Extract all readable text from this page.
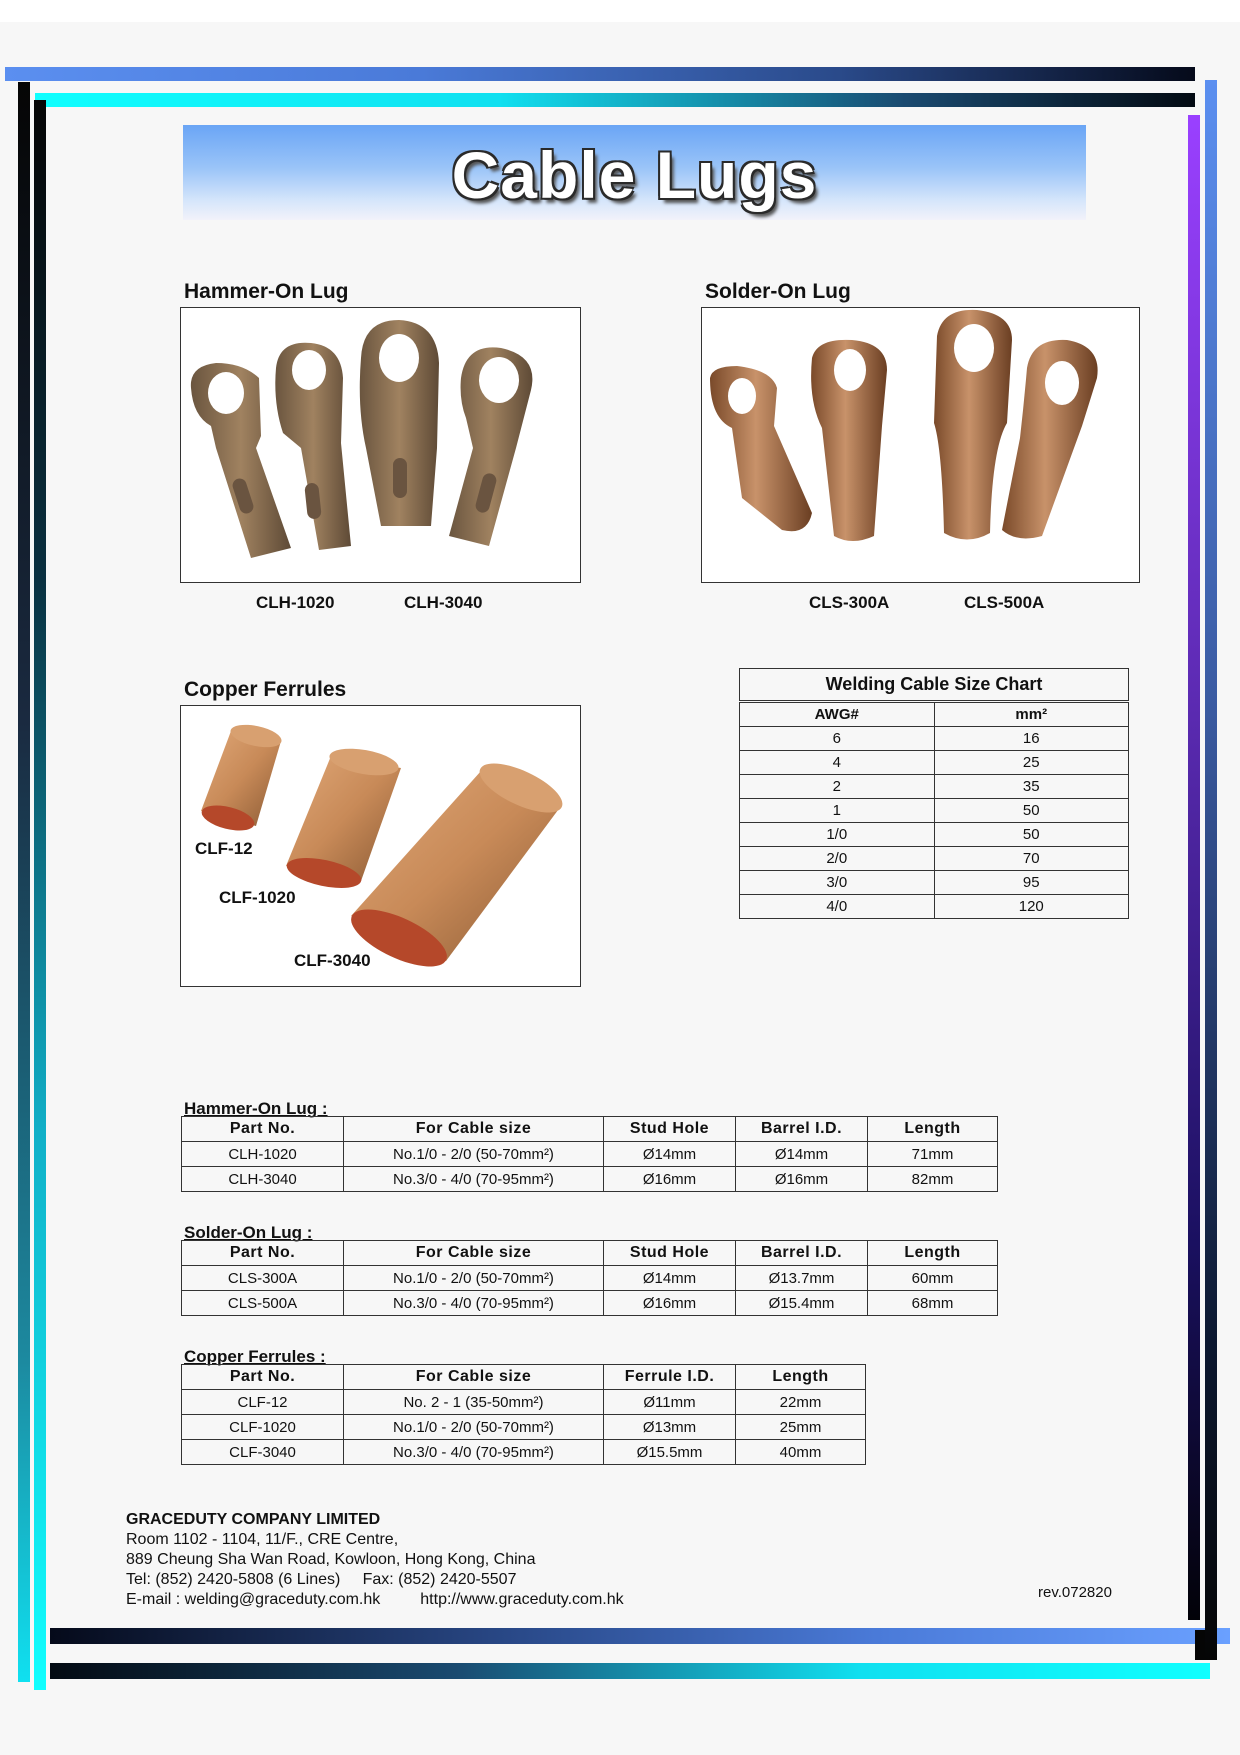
Cable Lugs
Hammer-On Lug
CLH-1020	CLH-3040
Solder-On Lug
CLS-300A	CLS-500A
Copper Ferrules
CLF-12
CLF-1020
CLF-3040
Welding Cable Size Chart	
AWG#	mm²
6	16
4	25
2	35
1	50
1/0	50
2/0	70
3/0	95
4/0	120
Hammer-On Lug :
Part No.	For Cable size	Stud Hole	Barrel I.D.	Length
CLH-1020	No.1/0 - 2/0 (50-70mm²)	Ø14mm	Ø14mm	71mm
CLH-3040	No.3/0 - 4/0 (70-95mm²)	Ø16mm	Ø16mm	82mm
Solder-On Lug :
Part No.	For Cable size	Stud Hole	Barrel I.D.	Length
CLS-300A	No.1/0 - 2/0 (50-70mm²)	Ø14mm	Ø13.7mm	60mm
CLS-500A	No.3/0 - 4/0 (70-95mm²)	Ø16mm	Ø15.4mm	68mm
Copper Ferrules :
Part No.	For Cable size	Ferrule I.D.	Length
CLF-12	No. 2 - 1 (35-50mm²)	Ø11mm	22mm
CLF-1020	No.1/0 - 2/0 (50-70mm²)	Ø13mm	25mm
CLF-3040	No.3/0 - 4/0 (70-95mm²)	Ø15.5mm	40mm
GRACEDUTY COMPANY LIMITED
Room 1102 - 1104, 11/F., CRE Centre,
889 Cheung Sha Wan Road, Kowloon, Hong Kong, China
Tel: (852) 2420-5808 (6 Lines) Fax: (852) 2420-5507
E-mail : welding@graceduty.com.hk	http://www.graceduty.com.hk	rev.072820
